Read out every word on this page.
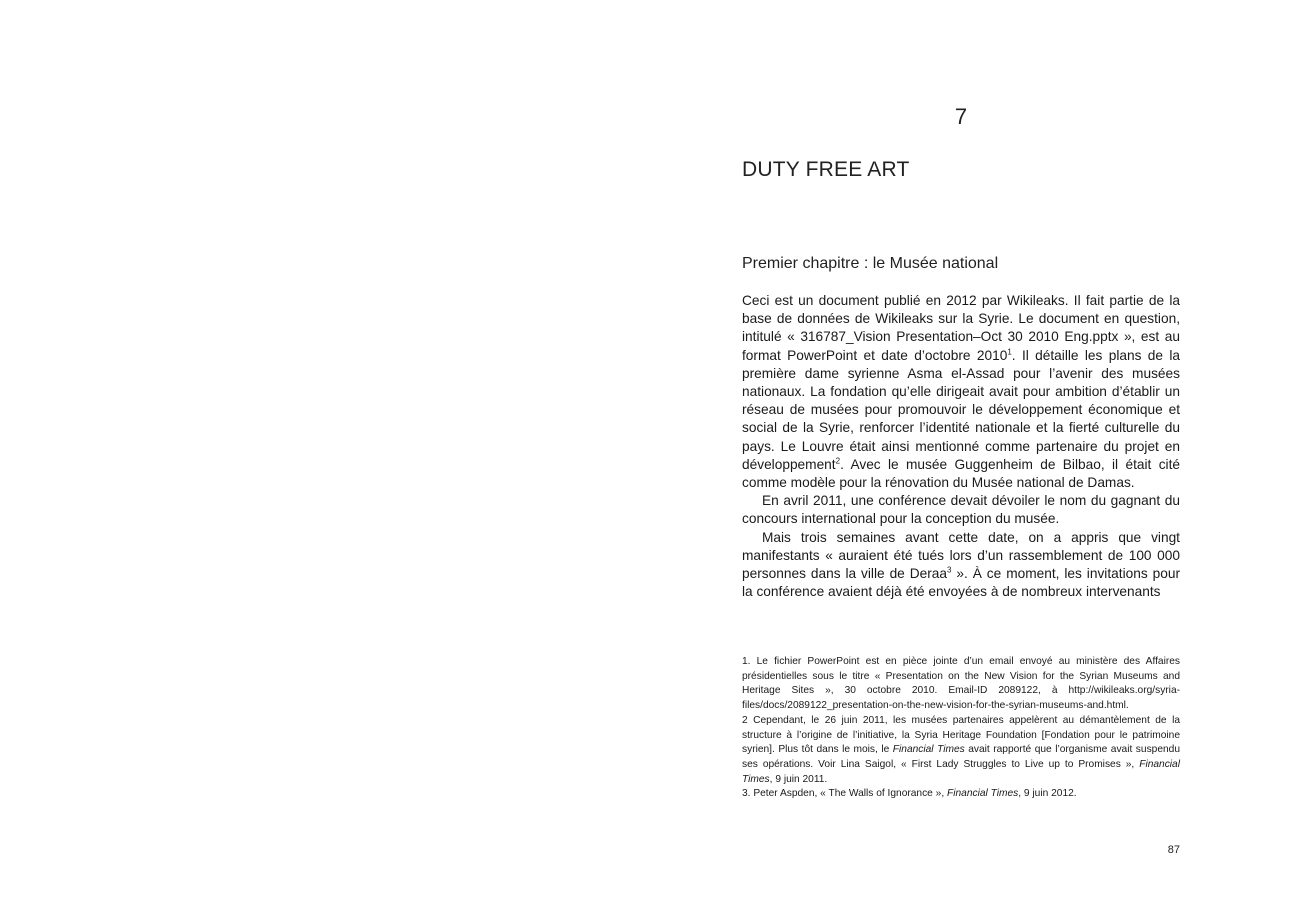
7
DUTY FREE ART
Premier chapitre : le Musée national

Ceci est un document publié en 2012 par Wikileaks. Il fait partie de la base de données de Wikileaks sur la Syrie. Le document en question, intitulé « 316787_Vision Presentation–Oct 30 2010 Eng.pptx », est au format PowerPoint et date d’octobre 2010$^1$. Il détaille les plans de la première dame syrienne Asma el-Assad pour l’avenir des musées nationaux. La fondation qu’elle dirigeait avait pour ambition d’établir un réseau de musées pour promouvoir le développement économique et social de la Syrie, renforcer l’identité nationale et la fierté culturelle du pays. Le Louvre était ainsi mentionné comme partenaire du projet en développement$^2$. Avec le musée Guggenheim de Bilbao, il était cité comme modèle pour la rénovation du Musée national de Damas.

En avril 2011, une conférence devait dévoiler le nom du gagnant du concours international pour la conception du musée.

Mais trois semaines avant cette date, on a appris que vingt manifestants « auraient été tués lors d’un rassemblement de 100 000 personnes dans la ville de Deraa$^3$ ». À ce moment, les invitations pour la conférence avaient déjà été envoyées à de nombreux intervenants

1. Le fichier PowerPoint est en pièce jointe d’un email envoyé au ministère des Affaires présidentielles sous le titre « Presentation on the New Vision for the Syrian Museums and Heritage Sites », 30 octobre 2010. Email-ID 2089122, à http://wikileaks.org/syria-files/docs/2089122_presentation-on-the-new-vision-for-the-syrian-museums-and.html.

2 Cependant, le 26 juin 2011, les musées partenaires appelèrent au démantèlement de la structure à l’origine de l’initiative, la Syria Heritage Foundation [Fondation pour le patrimoine syrien]. Plus tôt dans le mois, le Financial Times avait rapporté que l’organisme avait suspendu ses opérations. Voir Lina Saigol, « First Lady Struggles to Live up to Promises », Financial Times, 9 juin 2011.

3. Peter Aspden, « The Walls of Ignorance », Financial Times, 9 juin 2012.

87
